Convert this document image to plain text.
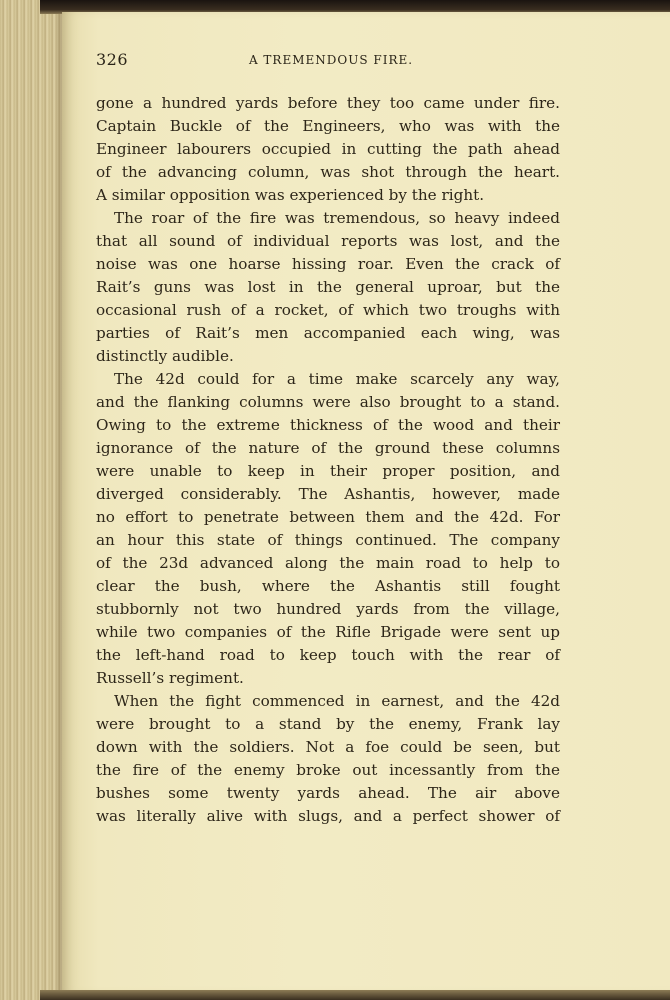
326	A TREMENDOUS FIRE.
gone a hundred yards before they too came under fire.
Captain Buckle of the Engineers, who was with the
Engineer labourers occupied in cutting the path ahead
of the advancing column, was shot through the heart.
A similar opposition was experienced by the right.
The roar of the fire was tremendous, so heavy indeed
that all sound of individual reports was lost, and the
noise was one hoarse hissing roar. Even the crack of
Rait’s guns was lost in the general uproar, but the
occasional rush of a rocket, of which two troughs with
parties of Rait’s men accompanied each wing, was
distinctly audible.
The 42d could for a time make scarcely any way,
and the flanking columns were also brought to a stand.
Owing to the extreme thickness of the wood and their
ignorance of the nature of the ground these columns
were unable to keep in their proper position, and
diverged considerably. The Ashantis, however, made
no effort to penetrate between them and the 42d. For
an hour this state of things continued. The company
of the 23d advanced along the main road to help to
clear the bush, where the Ashantis still fought
stubbornly not two hundred yards from the village,
while two companies of the Rifle Brigade were sent up
the left-hand road to keep touch with the rear of
Russell’s regiment.
When the fight commenced in earnest, and the 42d
were brought to a stand by the enemy, Frank lay
down with the soldiers. Not a foe could be seen, but
the fire of the enemy broke out incessantly from the
bushes some twenty yards ahead. The air above
was literally alive with slugs, and a perfect shower of
